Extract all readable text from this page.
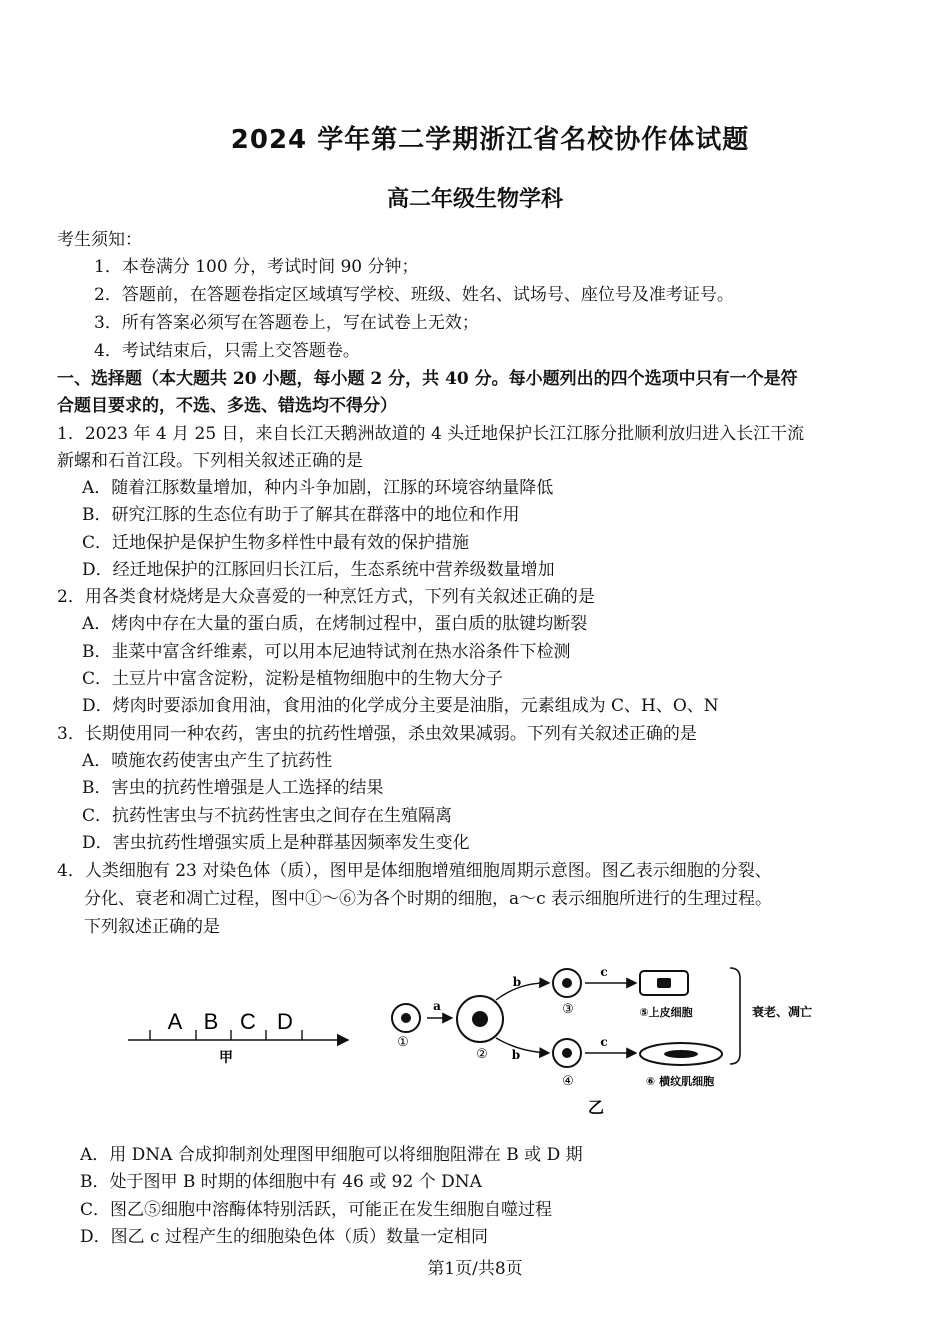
2024 学年第二学期浙江省名校协作体试题
高二年级生物学科
考生须知：
1．本卷满分 100 分，考试时间 90 分钟；
2．答题前，在答题卷指定区域填写学校、班级、姓名、试场号、座位号及准考证号。
3．所有答案必须写在答题卷上，写在试卷上无效；
4．考试结束后，只需上交答题卷。
一、选择题（本大题共 20 小题，每小题 2 分，共 40 分。每小题列出的四个选项中只有一个是符
合题目要求的，不选、多选、错选均不得分）
1．2023 年 4 月 25 日，来自长江天鹅洲故道的 4 头迁地保护长江江豚分批顺利放归进入长江干流
新螺和石首江段。下列相关叙述正确的是
A．随着江豚数量增加，种内斗争加剧，江豚的环境容纳量降低
B．研究江豚的生态位有助于了解其在群落中的地位和作用
C．迁地保护是保护生物多样性中最有效的保护措施
D．经迁地保护的江豚回归长江后，生态系统中营养级数量增加
2．用各类食材烧烤是大众喜爱的一种烹饪方式，下列有关叙述正确的是
A．烤肉中存在大量的蛋白质，在烤制过程中，蛋白质的肽键均断裂
B．韭菜中富含纤维素，可以用本尼迪特试剂在热水浴条件下检测
C．土豆片中富含淀粉，淀粉是植物细胞中的生物大分子
D．烤肉时要添加食用油，食用油的化学成分主要是油脂，元素组成为 C、H、O、N
3．长期使用同一种农药，害虫的抗药性增强，杀虫效果减弱。下列有关叙述正确的是
A．喷施农药使害虫产生了抗药性
B．害虫的抗药性增强是人工选择的结果
C．抗药性害虫与不抗药性害虫之间存在生殖隔离
D．害虫抗药性增强实质上是种群基因频率发生变化
4．人类细胞有 23 对染色体（质），图甲是体细胞增殖细胞周期示意图。图乙表示细胞的分裂、
分化、衰老和凋亡过程，图中①～⑥为各个时期的细胞，a～c 表示细胞所进行的生理过程。
下列叙述正确的是
A B C D
甲
①
a
②
b
b
③
④
c
c
⑤上皮细胞
⑥ 横纹肌细胞
衰老、凋亡
乙
A．用 DNA 合成抑制剂处理图甲细胞可以将细胞阻滞在 B 或 D 期
B．处于图甲 B 时期的体细胞中有 46 或 92 个 DNA
C．图乙⑤细胞中溶酶体特别活跃，可能正在发生细胞自噬过程
D．图乙 c 过程产生的细胞染色体（质）数量一定相同
第1页/共8页
